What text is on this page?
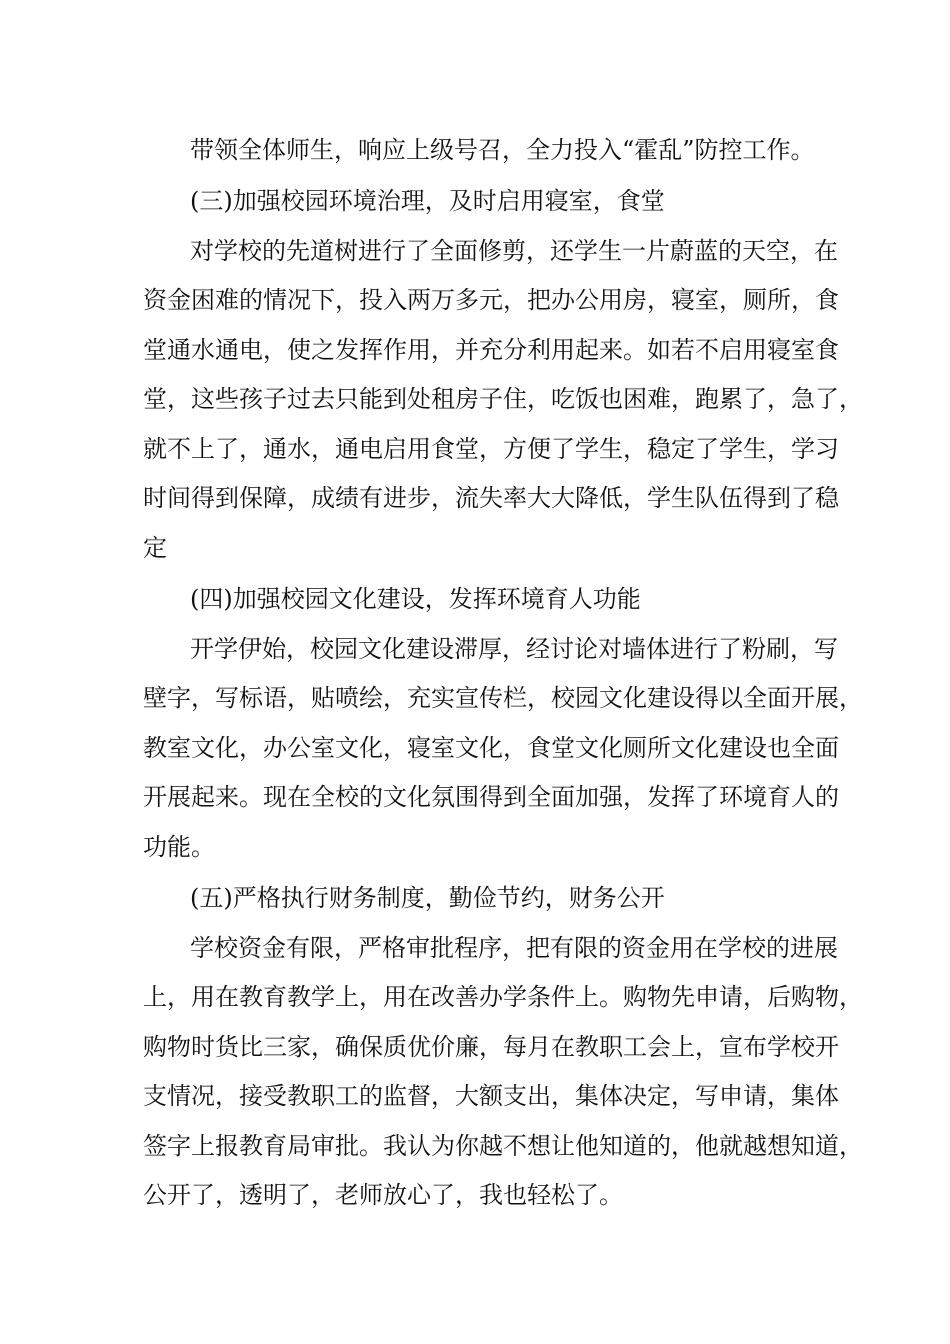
带领全体师生，响应上级号召，全力投入“霍乱”防控工作。
(三)加强校园环境治理，及时启用寝室，食堂
对学校的先道树进行了全面修剪，还学生一片蔚蓝的天空，在
资金困难的情况下，投入两万多元，把办公用房，寝室，厕所，食
堂通水通电，使之发挥作用，并充分利用起来。如若不启用寝室食
堂，这些孩子过去只能到处租房子住，吃饭也困难，跑累了，急了，
就不上了，通水，通电启用食堂，方便了学生，稳定了学生，学习
时间得到保障，成绩有进步，流失率大大降低，学生队伍得到了稳
定
(四)加强校园文化建设，发挥环境育人功能
开学伊始，校园文化建设滞厚，经讨论对墙体进行了粉刷，写
壁字，写标语，贴喷绘，充实宣传栏，校园文化建设得以全面开展，
教室文化，办公室文化，寝室文化，食堂文化厕所文化建设也全面
开展起来。现在全校的文化氛围得到全面加强，发挥了环境育人的
功能。
(五)严格执行财务制度，勤俭节约，财务公开
学校资金有限，严格审批程序，把有限的资金用在学校的进展
上，用在教育教学上，用在改善办学条件上。购物先申请，后购物，
购物时货比三家，确保质优价廉，每月在教职工会上，宣布学校开
支情况，接受教职工的监督，大额支出，集体决定，写申请，集体
签字上报教育局审批。我认为你越不想让他知道的，他就越想知道，
公开了，透明了，老师放心了，我也轻松了。
